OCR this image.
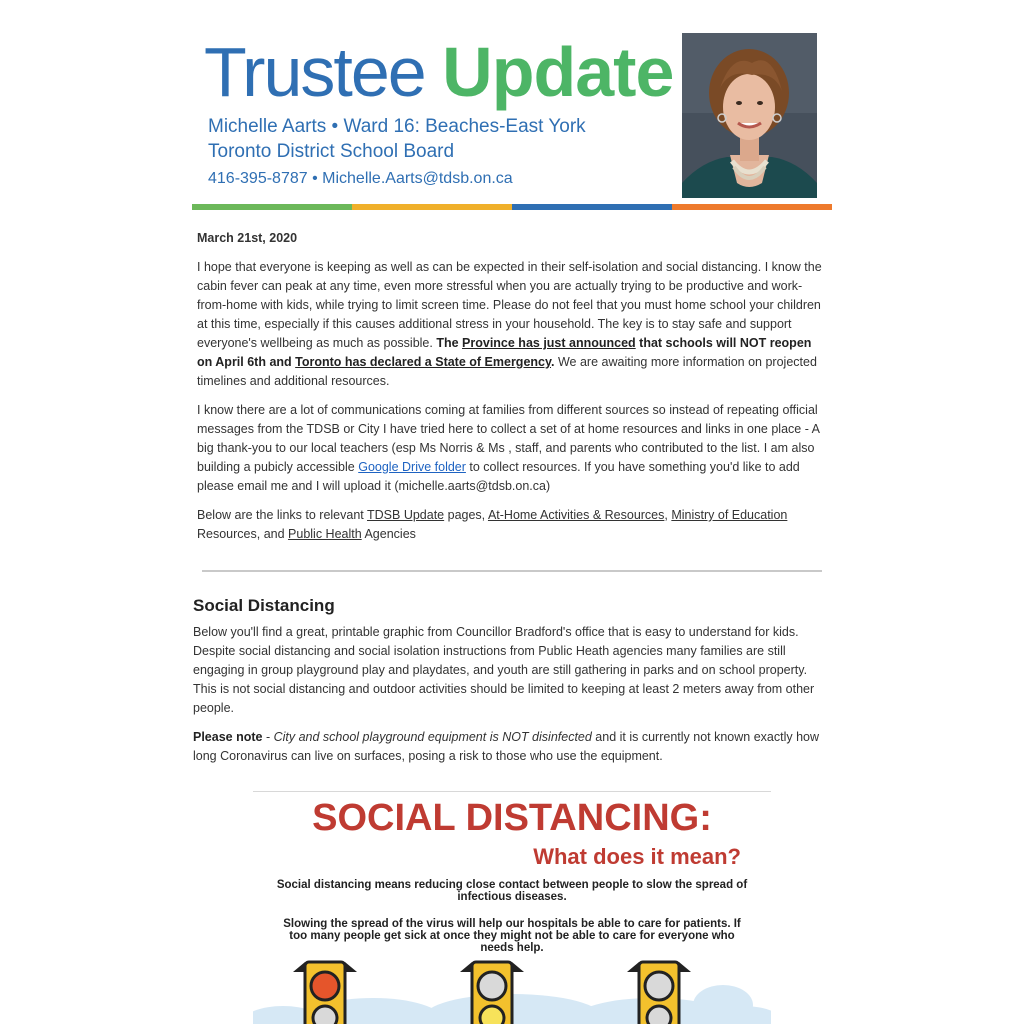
Trustee Update
Michelle Aarts • Ward 16: Beaches-East York
Toronto District School Board
416-395-8787 • Michelle.Aarts@tdsb.on.ca

March 21st, 2020

I hope that everyone is keeping as well as can be expected in their self-isolation and social distancing. I know the cabin fever can peak at any time, even more stressful when you are actually trying to be productive and work-from-home with kids, while trying to limit screen time. Please do not feel that you must home school your children at this time, especially if this causes additional stress in your household. The key is to stay safe and support everyone's wellbeing as much as possible. The Province has just announced that schools will NOT reopen on April 6th and Toronto has declared a State of Emergency. We are awaiting more information on projected timelines and additional resources.

I know there are a lot of communications coming at families from different sources so instead of repeating official messages from the TDSB or City I have tried here to collect a set of at home resources and links in one place - A big thank-you to our local teachers (esp Ms Norris & Ms , staff, and parents who contributed to the list. I am also building a pubicly accessible Google Drive folder to collect resources. If you have something you'd like to add please email me and I will upload it (michelle.aarts@tdsb.on.ca)

Below are the links to relevant TDSB Update pages, At-Home Activities & Resources, Ministry of Education Resources, and Public Health Agencies

Social Distancing

Below you'll find a great, printable graphic from Councillor Bradford's office that is easy to understand for kids. Despite social distancing and social isolation instructions from Public Heath agencies many families are still engaging in group playground play and playdates, and youth are still gathering in parks and on school property. This is not social distancing and outdoor activities should be limited to keeping at least 2 meters away from other people.

Please note - City and school playground equipment is NOT disinfected and it is currently not known exactly how long Coronavirus can live on surfaces, posing a risk to those who use the equipment.

SOCIAL DISTANCING:
What does it mean?
Social distancing means reducing close contact between people to slow the spread of infectious diseases.
Slowing the spread of the virus will help our hospitals be able to care for patients. If too many people get sick at once they might not be able to care for everyone who needs help.
